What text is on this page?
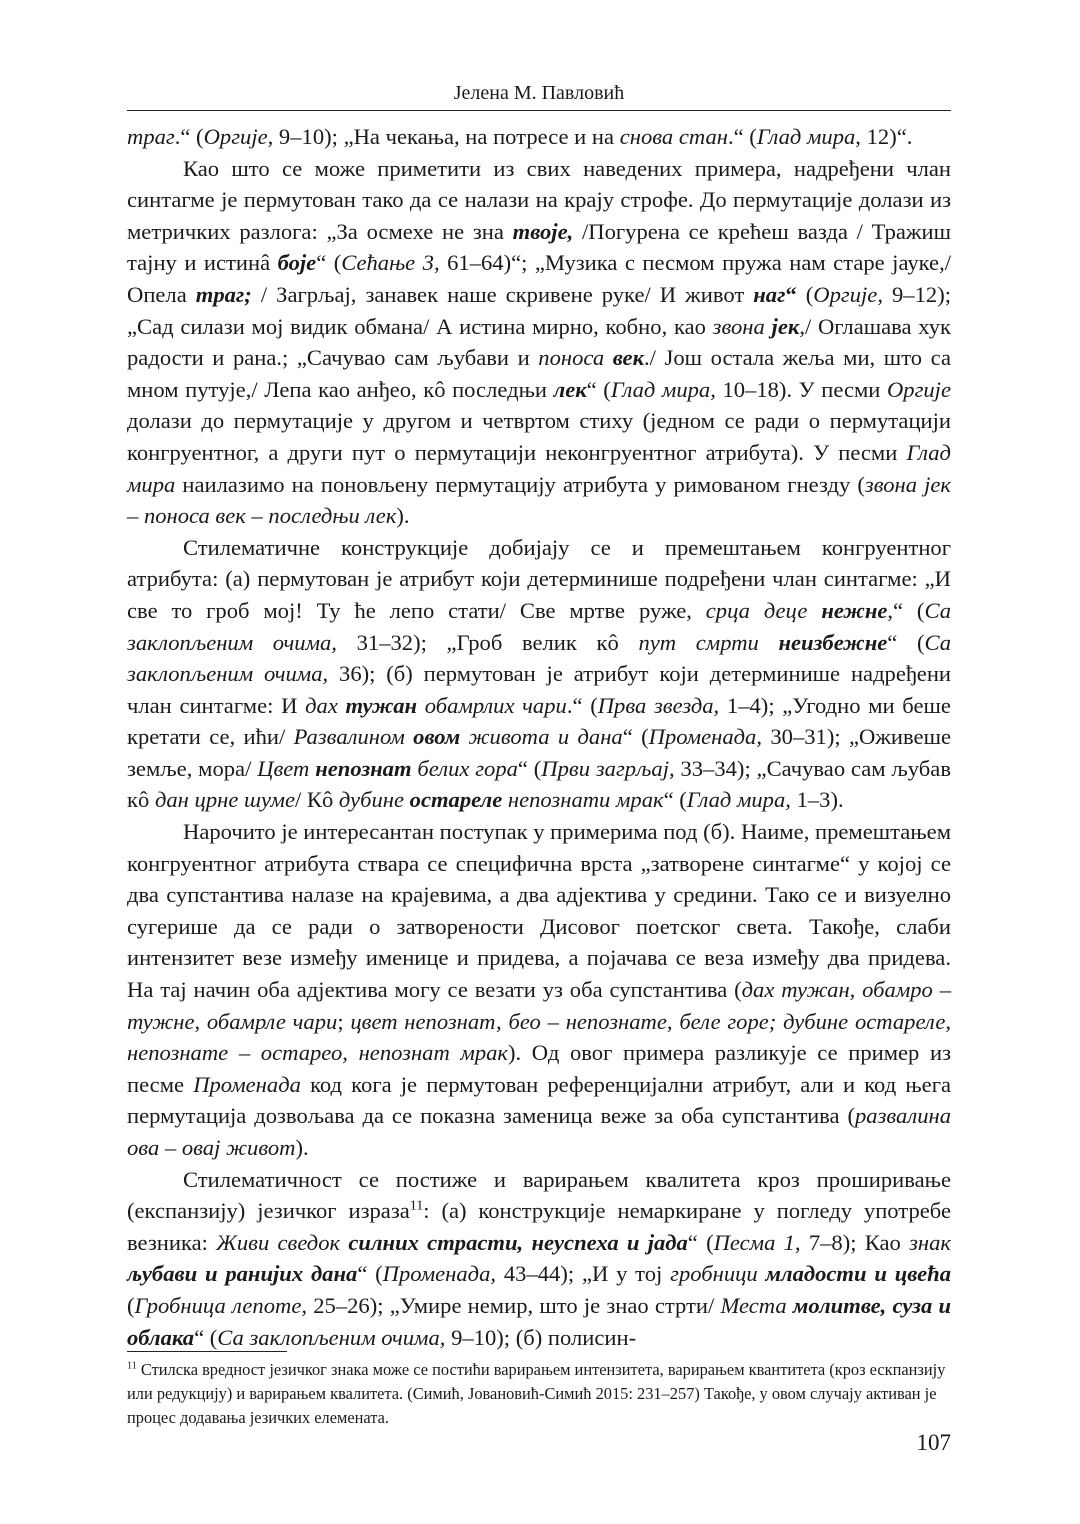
Јелена М. Павловић

траг.“ (Оргије, 9–10); „На чекања, на потресе и на снова стан.“ (Глад мира, 12)“.

Као што се може приметити из свих наведених примера, надређени члан синтагме је пермутован тако да се налази на крају строфе. До пермутације долази из метричких разлога: „За осмехе не зна твоје, /Погурена се крећеш вазда / Тражиш тајну и истинâ боје“ (Сећање 3, 61–64)“; „Музика с песмом пружа нам старе јауке,/ Опела траг; / Загрљај, занавек наше скривене руке/ И живот наг“ (Оргије, 9–12); „Сад силази мој видик обмана/ А истина мирно, кобно, као звона јек,/ Оглашава хук радости и рана.; „Сачувао сам љубави и поноса век./ Још остала жеља ми, што са мном путује,/ Лепа као анђео, кô последњи лек“ (Глад мира, 10–18). У песми Оргије долази до пермутације у другом и четвртом стиху (једном се ради о пермутацији конгруентног, а други пут о пермутацији неконгруентног атрибута). У песми Глад мира наилазимо на поновљену пермутацију атрибута у римованом гнезду (звона јек – поноса век – последњи лек).

Стилематичне конструкције добијају се и премештањем конгруентног атрибута: (а) пермутован је атрибут који детерминише подређени члан синтагме: „И све то гроб мој! Ту ће лепо стати/ Све мртве руже, срца деце нежне,“ (Са заклопљеним очима, 31–32); „Гроб велик кô пут смрти неизбежне“ (Са заклопљеним очима, 36); (б) пермутован је атрибут који детерминише надређени члан синтагме: И дах тужан обамрлих чари.“ (Прва звезда, 1–4); „Угодно ми беше кретати се, ићи/ Развалином овом живота и дана“ (Променада, 30–31); „Оживеше земље, мора/ Цвет непознат белих гора“ (Први загрљај, 33–34); „Сачувао сам љубав кô дан црне шуме/ Кô дубине остареле непознати мрак“ (Глад мира, 1–3).

Нарочито је интересантан поступак у примерима под (б). Наиме, премештањем конгруентног атрибута ствара се специфична врста „затворене синтагме“ у којој се два супстантива налазе на крајевима, а два адјектива у средини. Тако се и визуелно сугерише да се ради о затворености Дисовог поетског света. Такође, слаби интензитет везе између именице и придева, а појачава се веза између два придева. На тај начин оба адјектива могу се везати уз оба супстантива (дах тужан, обамро – тужне, обамрле чари; цвет непознат, бео – непознате, беле горе; дубине остареле, непознате – остарео, непознат мрак). Од овог примера разликује се пример из песме Променада код кога је пермутован референцијални атрибут, али и код њега пермутација дозвољава да се показна заменица веже за оба супстантива (развалина ова – овај живот).

Стилематичност се постиже и варирањем квалитета кроз проширивање (експанзију) језичког израза$^{11}$: (а) конструкције немаркиране у погледу употребе везника: Живи сведок силних страсти, неуспеха и јада“ (Песма 1, 7–8); Као знак љубави и ранијих дана“ (Променада, 43–44); „И у тој гробници младости и цвећа (Гробница лепоте, 25–26); „Умире немир, што је знао стрти/ Места молитве, суза и облака“ (Са заклопљеним очима, 9–10); (б) полисин-

$^{11}$ Стилска вредност језичког знака може се постићи варирањем интензитета, варирањем квантитета (кроз ескпанзију или редукцију) и варирањем квалитета. (Симић, Јовановић-Симић 2015: 231–257) Такође, у овом случају активан је процес додавања језичких елемената.
107
